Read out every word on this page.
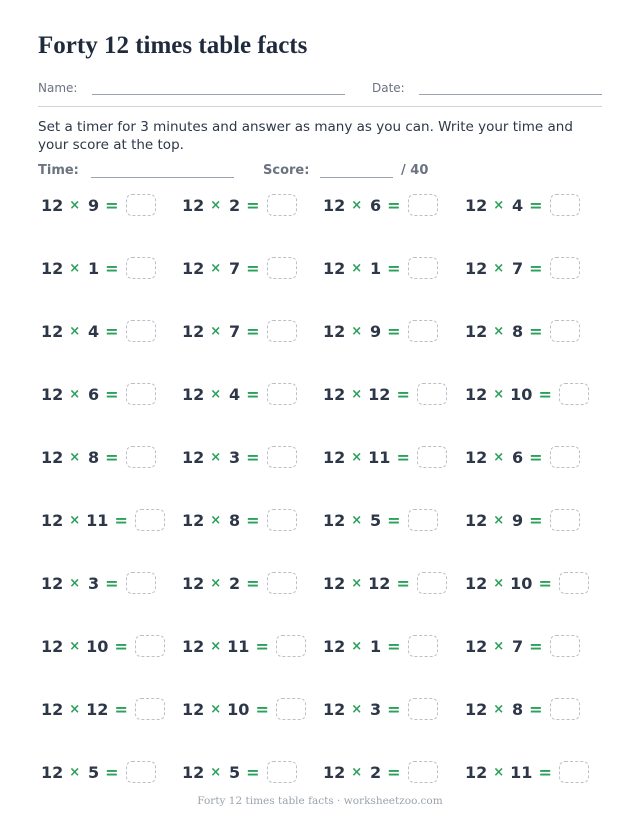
Forty 12 times table facts
Name:	Date:
Set a timer for 3 minutes and answer as many as you can. Write your time and your score at the top.
Time:	Score:	/ 40
12 × 9 =	12 × 2 =	12 × 6 =	12 × 4 =
12 × 1 =	12 × 7 =	12 × 1 =	12 × 7 =
12 × 4 =	12 × 7 =	12 × 9 =	12 × 8 =
12 × 6 =	12 × 4 =	12 × 12 =	12 × 10 =
12 × 8 =	12 × 3 =	12 × 11 =	12 × 6 =
12 × 11 =	12 × 8 =	12 × 5 =	12 × 9 =
12 × 3 =	12 × 2 =	12 × 12 =	12 × 10 =
12 × 10 =	12 × 11 =	12 × 1 =	12 × 7 =
12 × 12 =	12 × 10 =	12 × 3 =	12 × 8 =
12 × 5 =	12 × 5 =	12 × 2 =	12 × 11 =
Forty 12 times table facts · worksheetzoo.com
